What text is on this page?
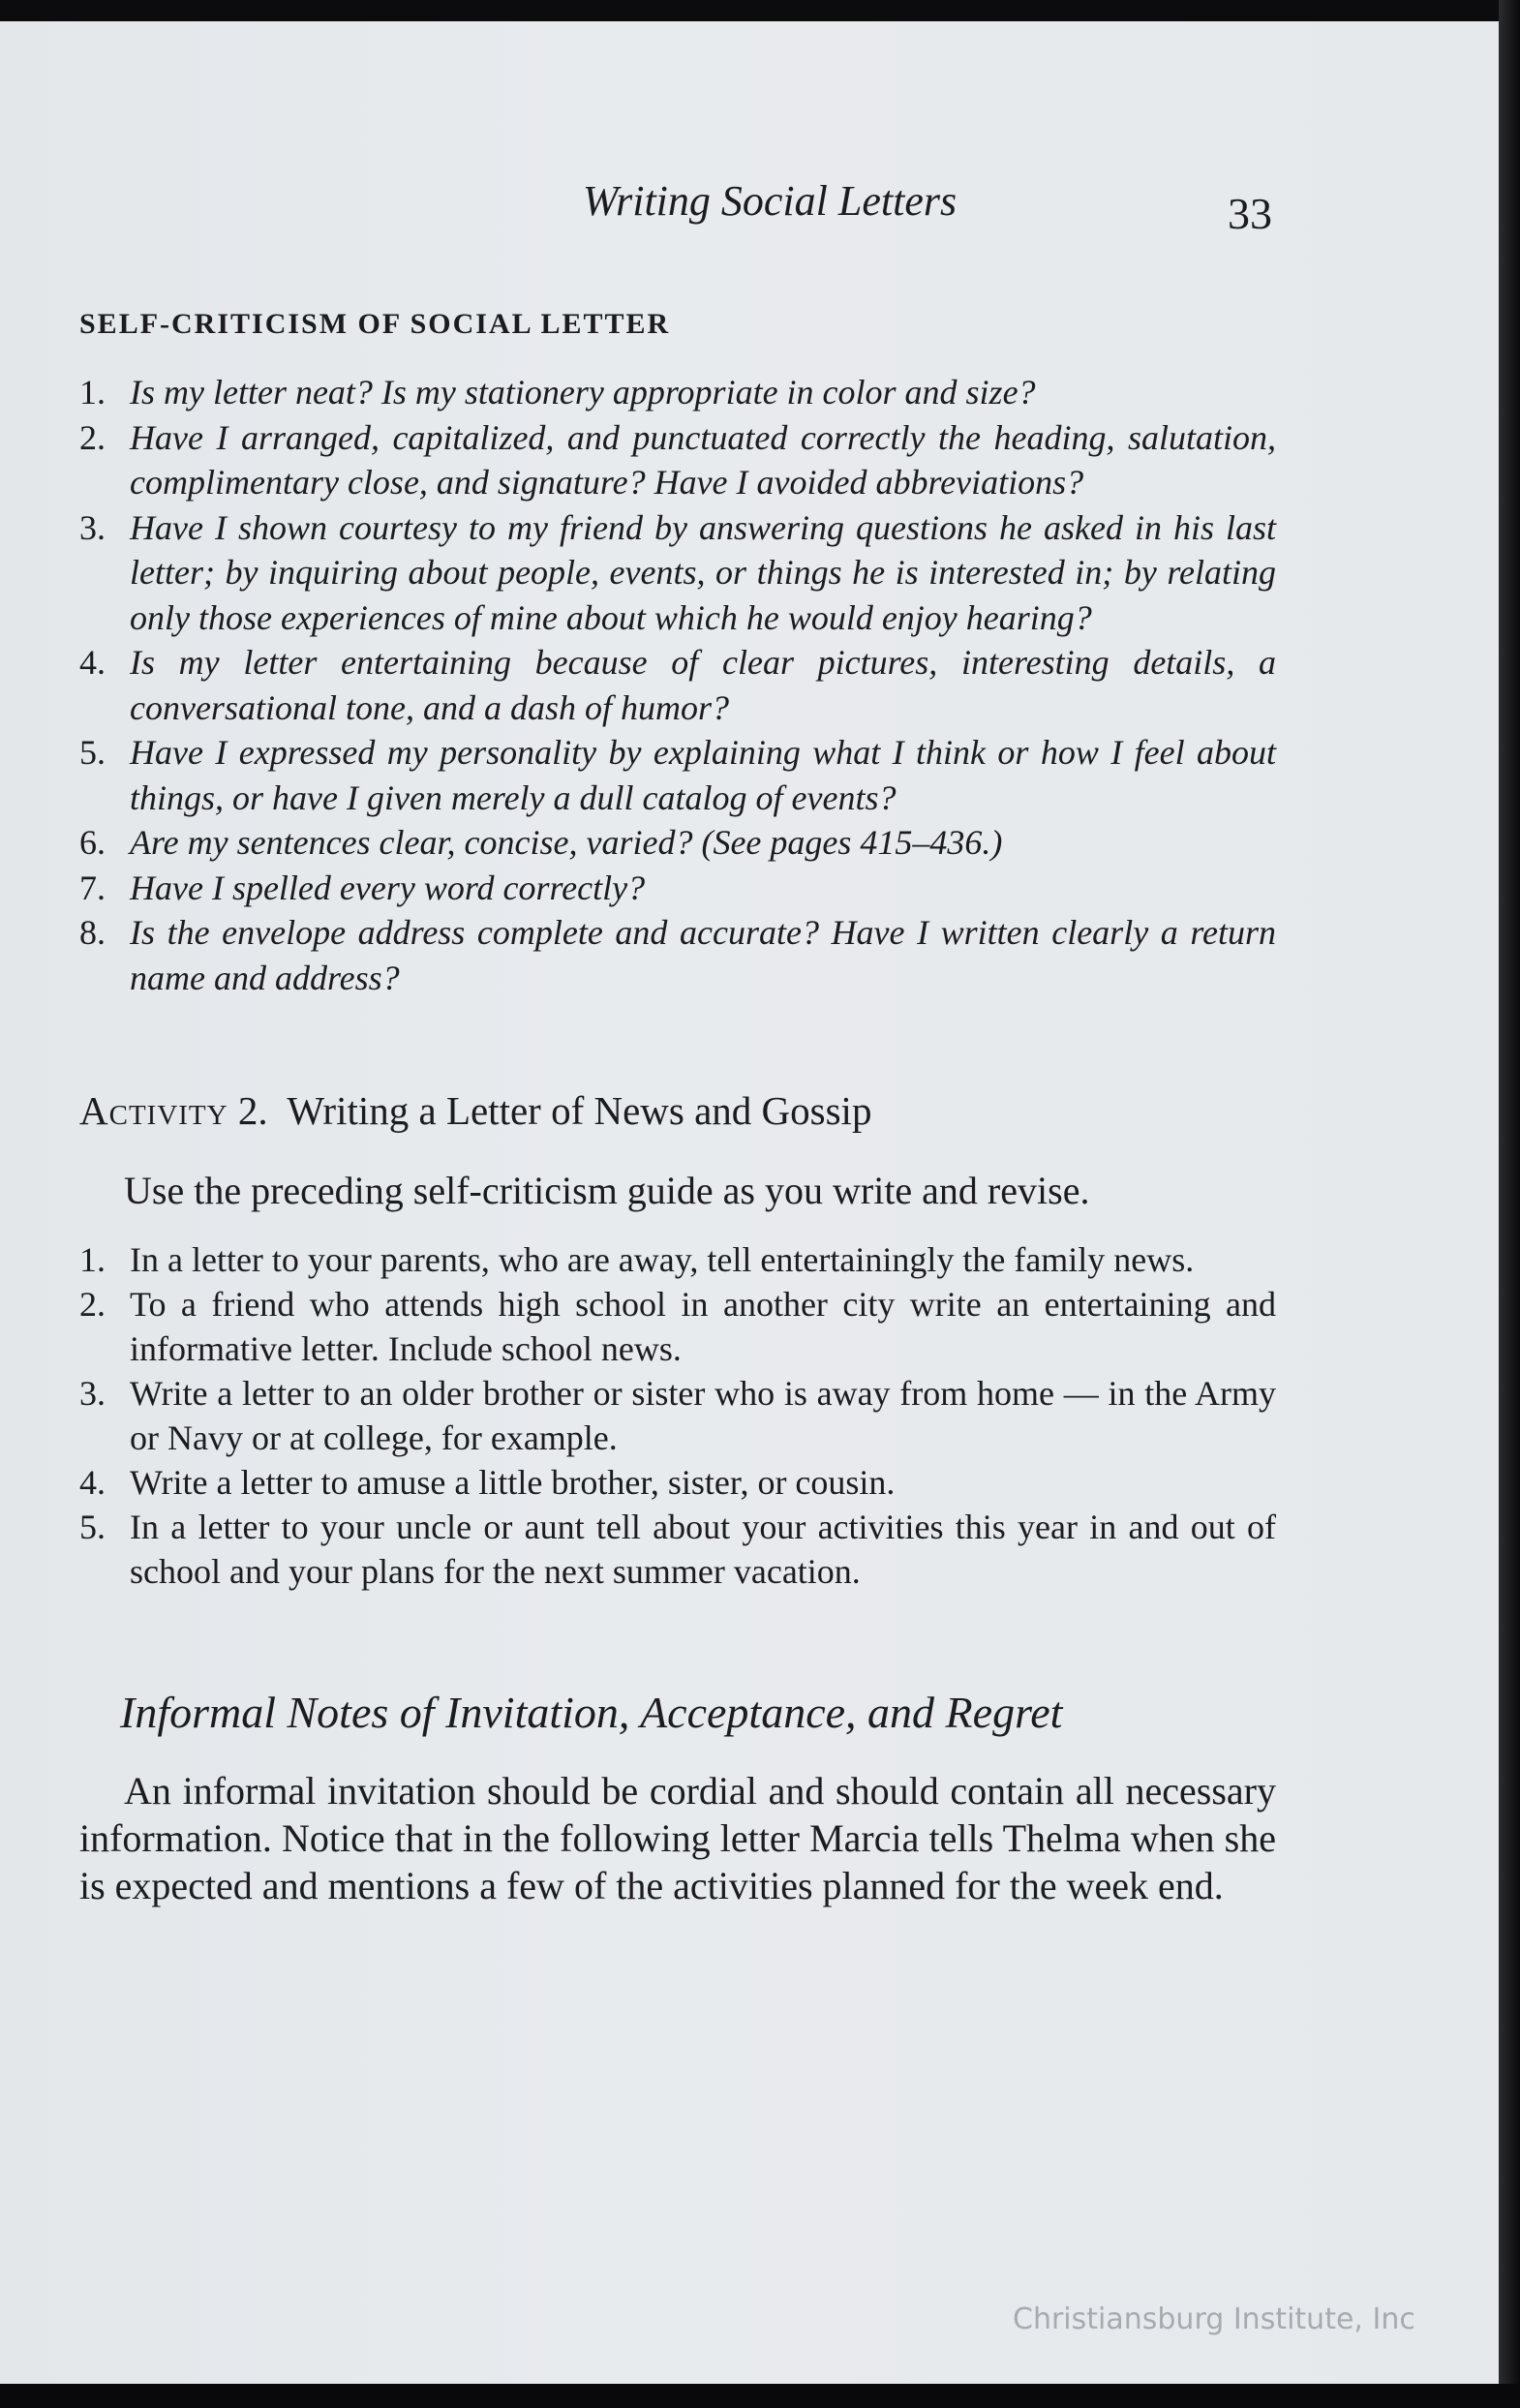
Writing Social Letters	33
SELF-CRITICISM OF SOCIAL LETTER
1. Is my letter neat? Is my stationery appropriate in color and size?
2. Have I arranged, capitalized, and punctuated correctly the heading, salutation, complimentary close, and signature? Have I avoided abbreviations?
3. Have I shown courtesy to my friend by answering questions he asked in his last letter; by inquiring about people, events, or things he is interested in; by relating only those experiences of mine about which he would enjoy hearing?
4. Is my letter entertaining because of clear pictures, interesting details, a conversational tone, and a dash of humor?
5. Have I expressed my personality by explaining what I think or how I feel about things, or have I given merely a dull catalog of events?
6. Are my sentences clear, concise, varied? (See pages 415–436.)
7. Have I spelled every word correctly?
8. Is the envelope address complete and accurate? Have I written clearly a return name and address?
Activity 2. Writing a Letter of News and Gossip

Use the preceding self-criticism guide as you write and revise.

1. In a letter to your parents, who are away, tell entertainingly the family news.
2. To a friend who attends high school in another city write an entertaining and informative letter. Include school news.
3. Write a letter to an older brother or sister who is away from home — in the Army or Navy or at college, for example.
4. Write a letter to amuse a little brother, sister, or cousin.
5. In a letter to your uncle or aunt tell about your activities this year in and out of school and your plans for the next summer vacation.
Informal Notes of Invitation, Acceptance, and Regret

An informal invitation should be cordial and should contain all necessary information. Notice that in the following letter Marcia tells Thelma when she is expected and mentions a few of the activities planned for the week end.

Christiansburg Institute, Inc
